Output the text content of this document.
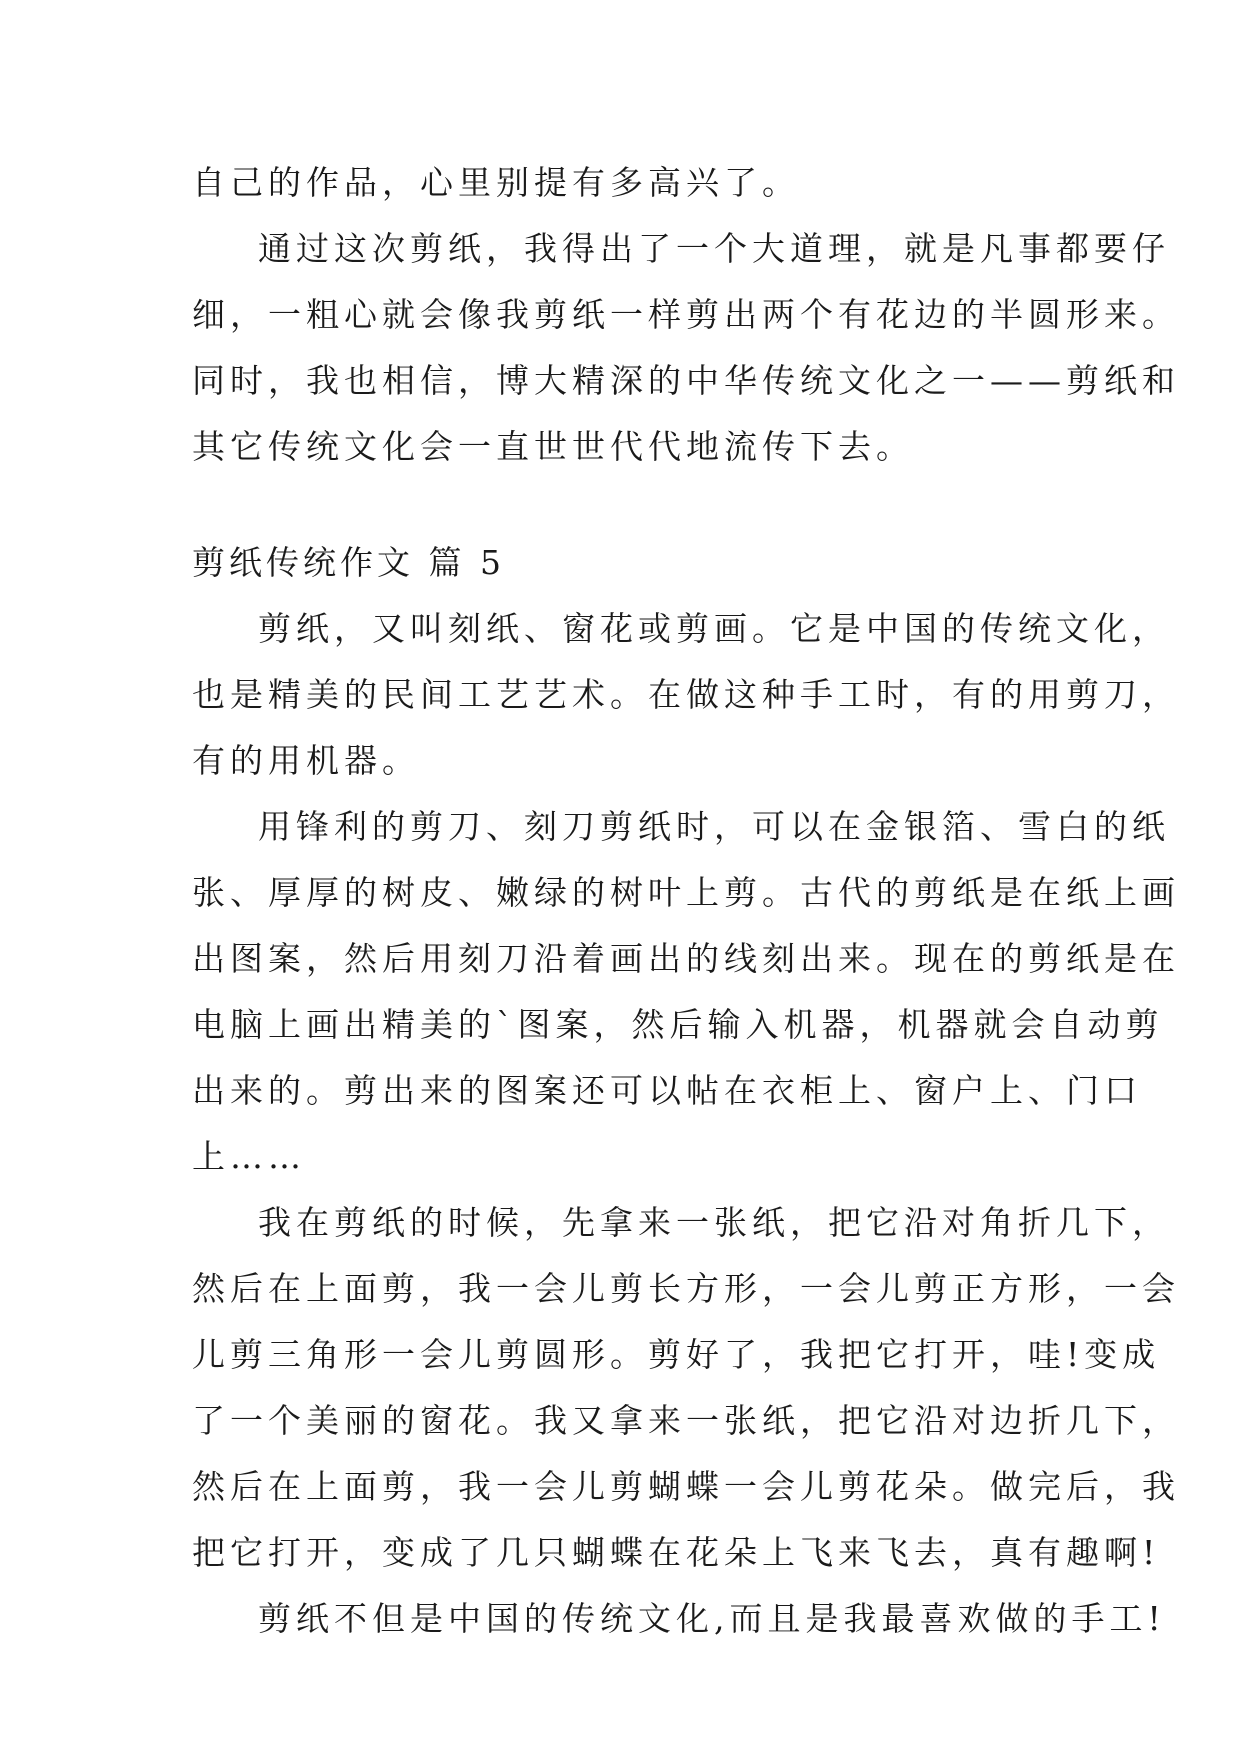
自己的作品，心里别提有多高兴了。
通过这次剪纸，我得出了一个大道理，就是凡事都要仔
细，一粗心就会像我剪纸一样剪出两个有花边的半圆形来。
同时，我也相信，博大精深的中华传统文化之一——剪纸和
其它传统文化会一直世世代代地流传下去。
剪纸传统作文 篇 5
剪纸，又叫刻纸、窗花或剪画。它是中国的传统文化，
也是精美的民间工艺艺术。在做这种手工时，有的用剪刀，
有的用机器。
用锋利的剪刀、刻刀剪纸时，可以在金银箔、雪白的纸
张、厚厚的树皮、嫩绿的树叶上剪。古代的剪纸是在纸上画
出图案，然后用刻刀沿着画出的线刻出来。现在的剪纸是在
电脑上画出精美的`图案，然后输入机器，机器就会自动剪
出来的。剪出来的图案还可以帖在衣柜上、窗户上、门口
上……
我在剪纸的时候，先拿来一张纸，把它沿对角折几下，
然后在上面剪，我一会儿剪长方形，一会儿剪正方形，一会
儿剪三角形一会儿剪圆形。剪好了，我把它打开，哇!变成
了一个美丽的窗花。我又拿来一张纸，把它沿对边折几下，
然后在上面剪，我一会儿剪蝴蝶一会儿剪花朵。做完后，我
把它打开，变成了几只蝴蝶在花朵上飞来飞去，真有趣啊!
剪纸不但是中国的传统文化,而且是我最喜欢做的手工!
